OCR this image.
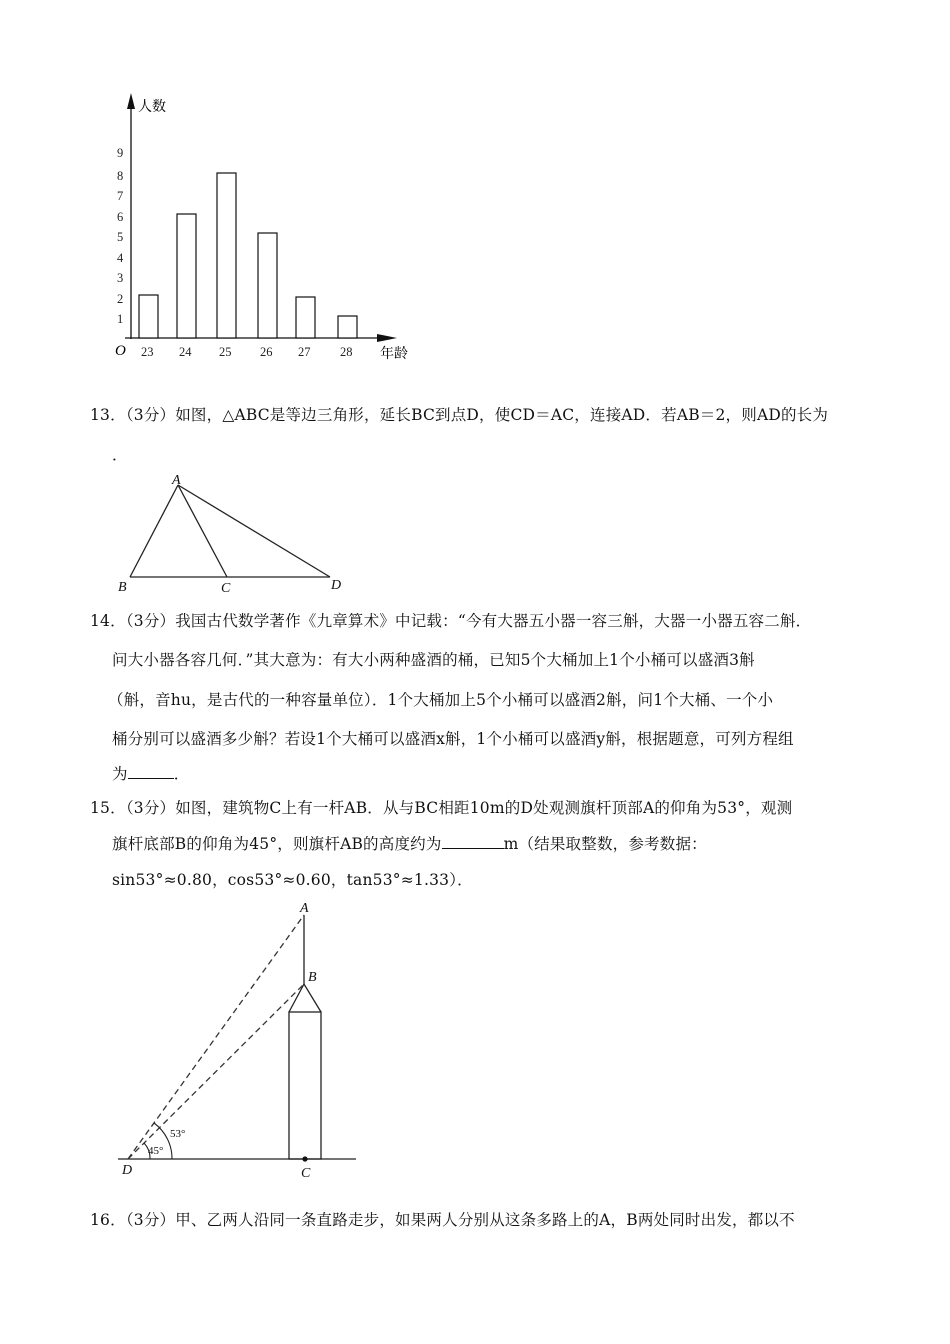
人数
年龄
O
1
2
3
4
5
6
7
8
9
23 24 25 26 27 28
13．（3分）如图，△ABC是等边三角形，延长BC到点D，使CD＝AC，连接AD．若AB＝2，则AD的长为
．
A
B	C	D
14．（3分）我国古代数学著作《九章算术》中记载：“今有大器五小器一容三斛，大器一小器五容二斛．
问大小器各容几何．”其大意为：有大小两种盛酒的桶，已知5个大桶加上1个小桶可以盛酒3斛
（斛，音hu，是古代的一种容量单位）．1个大桶加上5个小桶可以盛酒2斛，问1个大桶、一个小
桶分别可以盛酒多少斛？若设1个大桶可以盛酒x斛，1个小桶可以盛酒y斛，根据题意，可列方程组
为	．
15．（3分）如图，建筑物C上有一杆AB．从与BC相距10m的D处观测旗杆顶部A的仰角为53°，观测
旗杆底部B的仰角为45°，则旗杆AB的高度约为	m（结果取整数，参考数据：
sin53°≈0.80，cos53°≈0.60，tan53°≈1.33）．
A
B
C
D
45°
53°
16．（3分）甲、乙两人沿同一条直路走步，如果两人分别从这条多路上的A，B两处同时出发，都以不
